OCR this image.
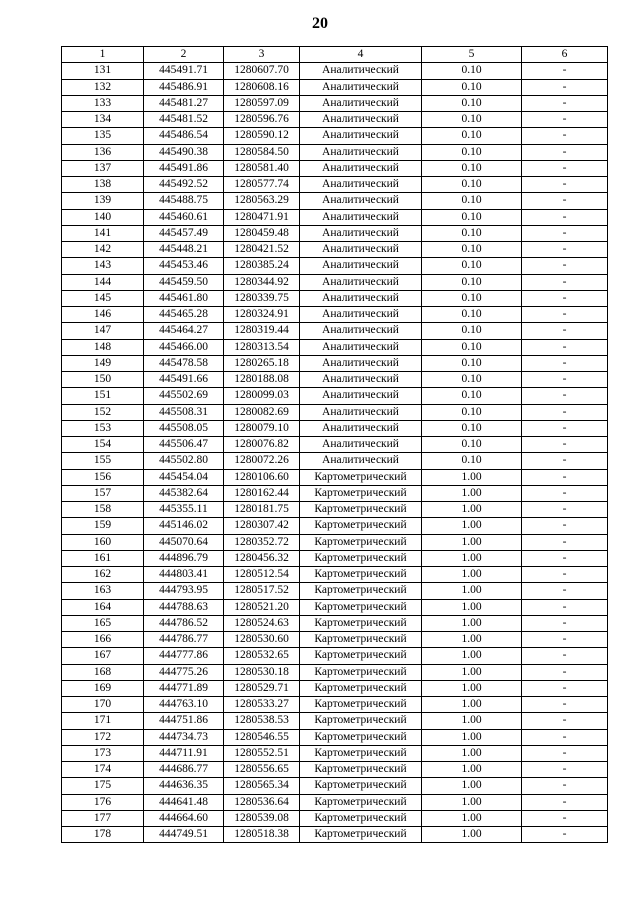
20
1	2	3	4	5	6
131	445491.71	1280607.70	Аналитический	0.10	-
132	445486.91	1280608.16	Аналитический	0.10	-
133	445481.27	1280597.09	Аналитический	0.10	-
134	445481.52	1280596.76	Аналитический	0.10	-
135	445486.54	1280590.12	Аналитический	0.10	-
136	445490.38	1280584.50	Аналитический	0.10	-
137	445491.86	1280581.40	Аналитический	0.10	-
138	445492.52	1280577.74	Аналитический	0.10	-
139	445488.75	1280563.29	Аналитический	0.10	-
140	445460.61	1280471.91	Аналитический	0.10	-
141	445457.49	1280459.48	Аналитический	0.10	-
142	445448.21	1280421.52	Аналитический	0.10	-
143	445453.46	1280385.24	Аналитический	0.10	-
144	445459.50	1280344.92	Аналитический	0.10	-
145	445461.80	1280339.75	Аналитический	0.10	-
146	445465.28	1280324.91	Аналитический	0.10	-
147	445464.27	1280319.44	Аналитический	0.10	-
148	445466.00	1280313.54	Аналитический	0.10	-
149	445478.58	1280265.18	Аналитический	0.10	-
150	445491.66	1280188.08	Аналитический	0.10	-
151	445502.69	1280099.03	Аналитический	0.10	-
152	445508.31	1280082.69	Аналитический	0.10	-
153	445508.05	1280079.10	Аналитический	0.10	-
154	445506.47	1280076.82	Аналитический	0.10	-
155	445502.80	1280072.26	Аналитический	0.10	-
156	445454.04	1280106.60	Картометрический	1.00	-
157	445382.64	1280162.44	Картометрический	1.00	-
158	445355.11	1280181.75	Картометрический	1.00	-
159	445146.02	1280307.42	Картометрический	1.00	-
160	445070.64	1280352.72	Картометрический	1.00	-
161	444896.79	1280456.32	Картометрический	1.00	-
162	444803.41	1280512.54	Картометрический	1.00	-
163	444793.95	1280517.52	Картометрический	1.00	-
164	444788.63	1280521.20	Картометрический	1.00	-
165	444786.52	1280524.63	Картометрический	1.00	-
166	444786.77	1280530.60	Картометрический	1.00	-
167	444777.86	1280532.65	Картометрический	1.00	-
168	444775.26	1280530.18	Картометрический	1.00	-
169	444771.89	1280529.71	Картометрический	1.00	-
170	444763.10	1280533.27	Картометрический	1.00	-
171	444751.86	1280538.53	Картометрический	1.00	-
172	444734.73	1280546.55	Картометрический	1.00	-
173	444711.91	1280552.51	Картометрический	1.00	-
174	444686.77	1280556.65	Картометрический	1.00	-
175	444636.35	1280565.34	Картометрический	1.00	-
176	444641.48	1280536.64	Картометрический	1.00	-
177	444664.60	1280539.08	Картометрический	1.00	-
178	444749.51	1280518.38	Картометрический	1.00	-
